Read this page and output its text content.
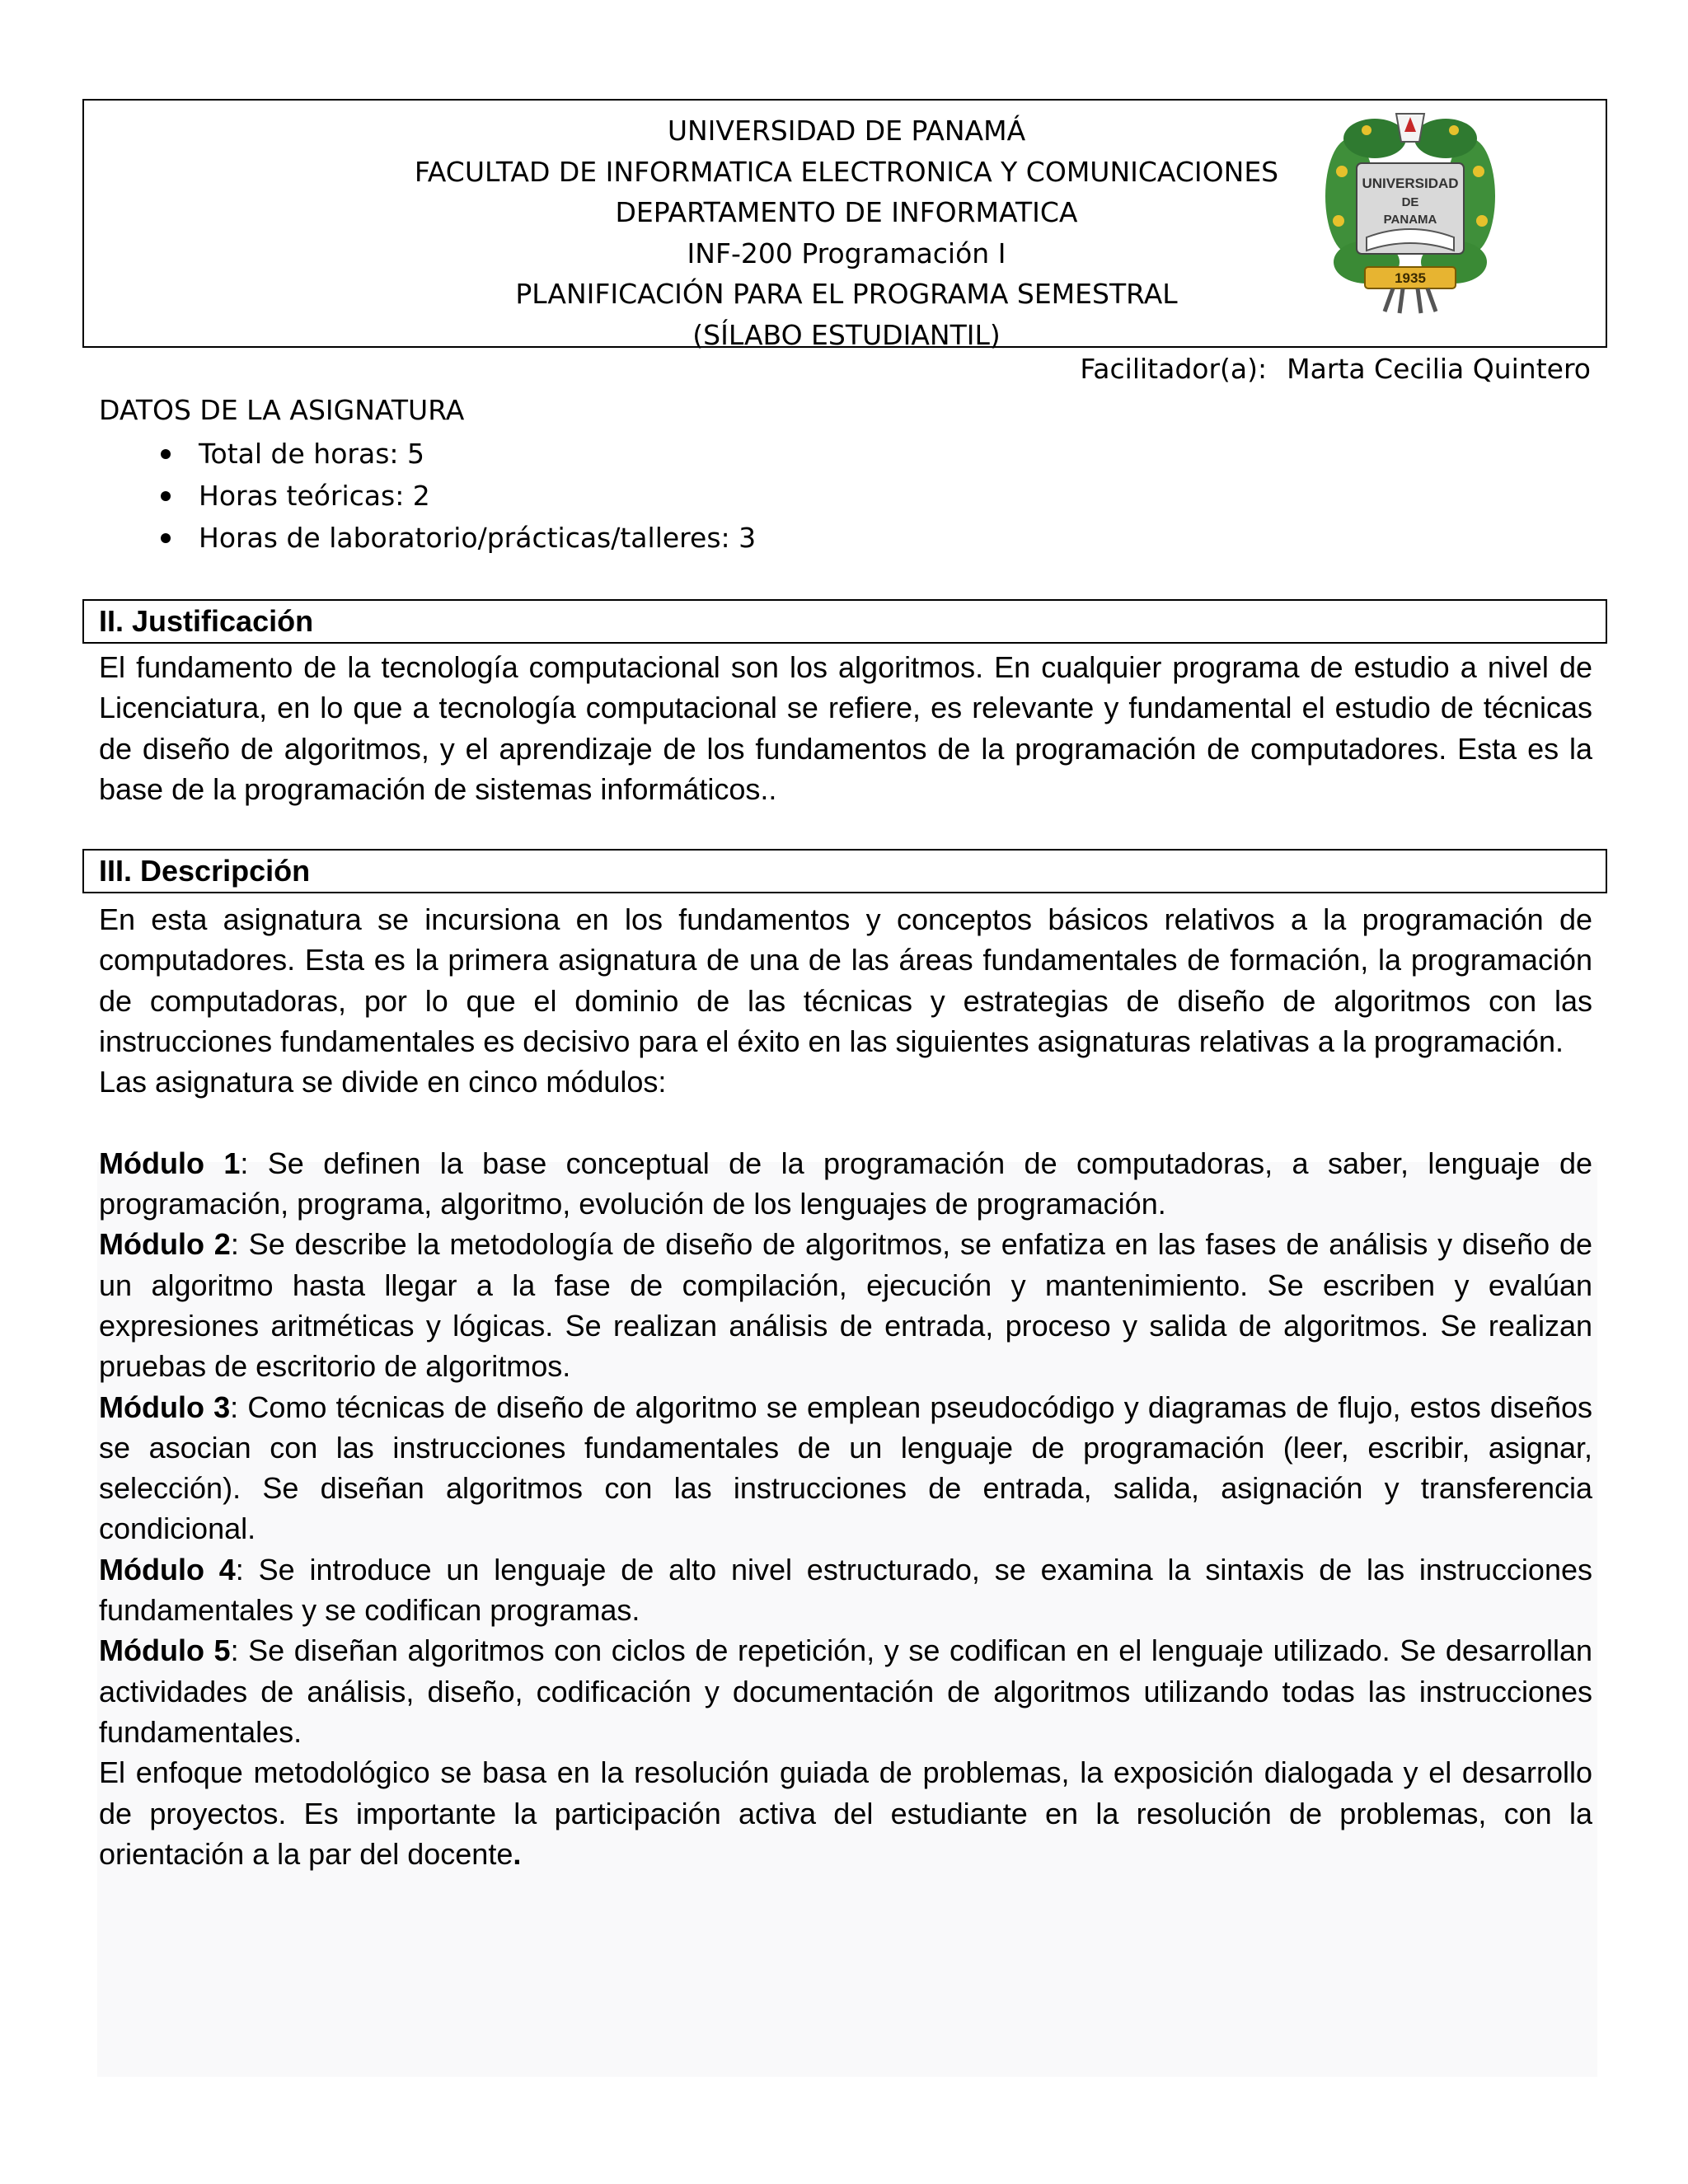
UNIVERSIDAD DE PANAMÁ
FACULTAD DE INFORMATICA ELECTRONICA Y COMUNICACIONES
DEPARTAMENTO DE INFORMATICA
INF-200 Programación I
PLANIFICACIÓN PARA EL PROGRAMA SEMESTRAL
(SÍLABO ESTUDIANTIL)
UNIVERSIDAD
DE
PANAMA
1935
Facilitador(a): Marta Cecilia Quintero
DATOS DE LA ASIGNATURA
Total de horas: 5
Horas teóricas: 2
Horas de laboratorio/prácticas/talleres: 3
II. Justificación

El fundamento de la tecnología computacional son los algoritmos. En cualquier programa de estudio a nivel de Licenciatura, en lo que a tecnología computacional se refiere, es relevante y fundamental el estudio de técnicas de diseño de algoritmos, y el aprendizaje de los fundamentos de la programación de computadores. Esta es la base de la programación de sistemas informáticos..

III. Descripción

En esta asignatura se incursiona en los fundamentos y conceptos básicos relativos a la programación de computadores. Esta es la primera asignatura de una de las áreas fundamentales de formación, la programación de computadoras, por lo que el dominio de las técnicas y estrategias de diseño de algoritmos con las instrucciones fundamentales es decisivo para el éxito en las siguientes asignaturas relativas a la programación.

Las asignatura se divide en cinco módulos:

Módulo 1: Se definen la base conceptual de la programación de computadoras, a saber, lenguaje de programación, programa, algoritmo, evolución de los lenguajes de programación.

Módulo 2: Se describe la metodología de diseño de algoritmos, se enfatiza en las fases de análisis y diseño de un algoritmo hasta llegar a la fase de compilación, ejecución y mantenimiento. Se escriben y evalúan expresiones aritméticas y lógicas. Se realizan análisis de entrada, proceso y salida de algoritmos. Se realizan pruebas de escritorio de algoritmos.

Módulo 3: Como técnicas de diseño de algoritmo se emplean pseudocódigo y diagramas de flujo, estos diseños se asocian con las instrucciones fundamentales de un lenguaje de programación (leer, escribir, asignar, selección). Se diseñan algoritmos con las instrucciones de entrada, salida, asignación y transferencia condicional.

Módulo 4: Se introduce un lenguaje de alto nivel estructurado, se examina la sintaxis de las instrucciones fundamentales y se codifican programas.

Módulo 5: Se diseñan algoritmos con ciclos de repetición, y se codifican en el lenguaje utilizado. Se desarrollan actividades de análisis, diseño, codificación y documentación de algoritmos utilizando todas las instrucciones fundamentales.

El enfoque metodológico se basa en la resolución guiada de problemas, la exposición dialogada y el desarrollo de proyectos. Es importante la participación activa del estudiante en la resolución de problemas, con la orientación a la par del docente.
